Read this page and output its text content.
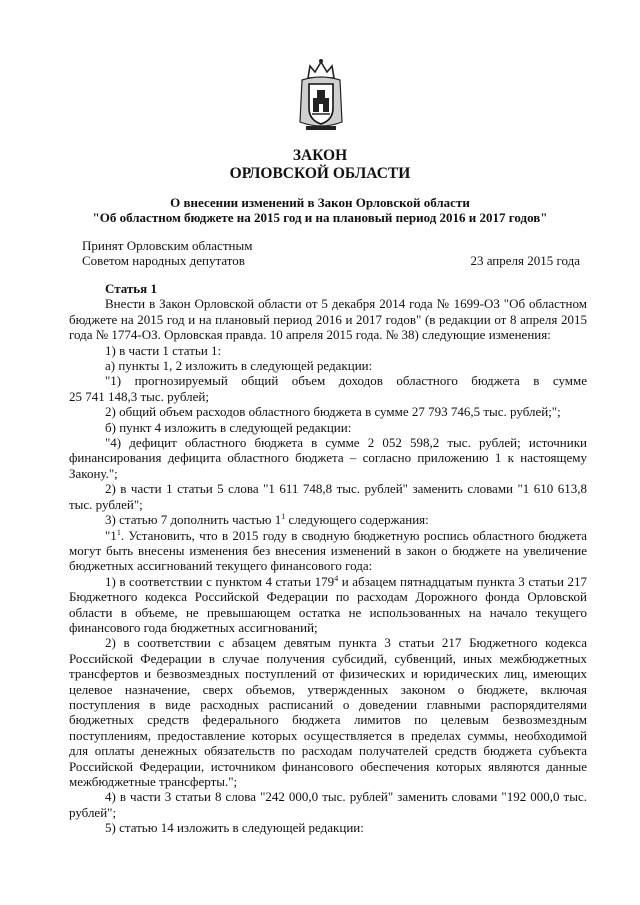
ЗАКОН
ОРЛОВСКОЙ ОБЛАСТИ
О внесении изменений в Закон Орловской области
"Об областном бюджете на 2015 год и на плановый период 2016 и 2017 годов"
Принят Орловским областным
Советом народных депутатов	23 апреля 2015 года

Статья 1

Внести в Закон Орловской области от 5 декабря 2014 года № 1699-ОЗ "Об областном бюджете на 2015 год и на плановый период 2016 и 2017 годов" (в редакции от 8 апреля 2015 года № 1774-ОЗ. Орловская правда. 10 апреля 2015 года. № 38) следующие изменения:

1) в части 1 статьи 1:

а) пункты 1, 2 изложить в следующей редакции:

"1) прогнозируемый общий объем доходов областного бюджета в сумме

25 741 148,3 тыс. рублей;

2) общий объем расходов областного бюджета в сумме 27 793 746,5 тыс. рублей;";

б) пункт 4 изложить в следующей редакции:

"4) дефицит областного бюджета в сумме 2 052 598,2 тыс. рублей; источники финансирования дефицита областного бюджета – согласно приложению 1 к настоящему Закону.";

2) в части 1 статьи 5 слова "1 611 748,8 тыс. рублей" заменить словами "1 610 613,8 тыс. рублей";

3) статью 7 дополнить частью $1^1$ следующего содержания:

"$1^1$. Установить, что в 2015 году в сводную бюджетную роспись областного бюджета могут быть внесены изменения без внесения изменений в закон о бюджете на увеличение бюджетных ассигнований текущего финансового года:

1) в соответствии с пунктом 4 статьи $179^4$ и абзацем пятнадцатым пункта 3 статьи 217 Бюджетного кодекса Российской Федерации по расходам Дорожного фонда Орловской области в объеме, не превышающем остатка не использованных на начало текущего финансового года бюджетных ассигнований;

2) в соответствии с абзацем девятым пункта 3 статьи 217 Бюджетного кодекса Российской Федерации в случае получения субсидий, субвенций, иных межбюджетных трансфертов и безвозмездных поступлений от физических и юридических лиц, имеющих целевое назначение, сверх объемов, утвержденных законом о бюджете, включая поступления в виде расходных расписаний о доведении главными распорядителями бюджетных средств федерального бюджета лимитов по целевым безвозмездным поступлениям, предоставление которых осуществляется в пределах суммы, необходимой для оплаты денежных обязательств по расходам получателей средств бюджета субъекта Российской Федерации, источником финансового обеспечения которых являются данные межбюджетные трансферты.";

4) в части 3 статьи 8 слова "242 000,0 тыс. рублей" заменить словами "192 000,0 тыс. рублей";

5) статью 14 изложить в следующей редакции:
